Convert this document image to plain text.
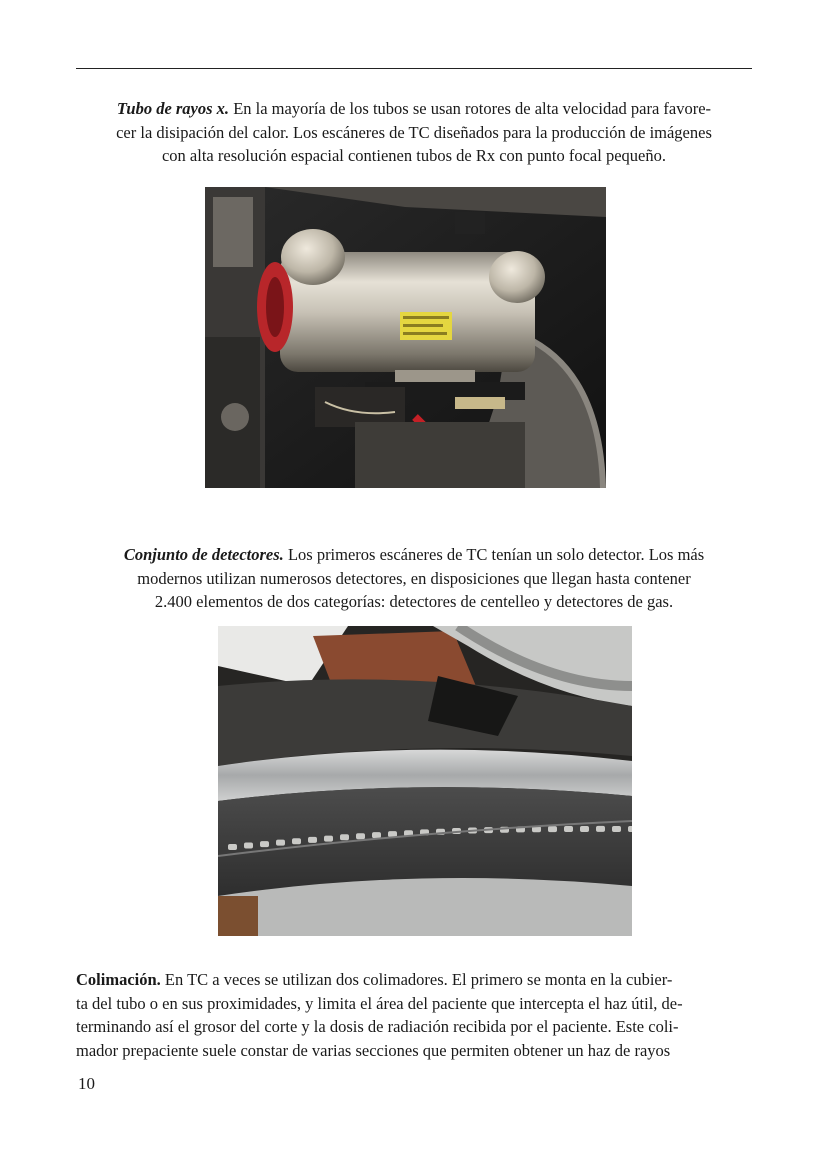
Tubo de rayos x. En la mayoría de los tubos se usan rotores de alta velocidad para favore-
cer la disipación del calor. Los escáneres de TC diseñados para la producción de imágenes
con alta resolución espacial contienen tubos de Rx con punto focal pequeño.

Conjunto de detectores. Los primeros escáneres de TC tenían un solo detector. Los más
modernos utilizan numerosos detectores, en disposiciones que llegan hasta contener
2.400 elementos de dos categorías: detectores de centelleo y detectores de gas.

Colimación. En TC a veces se utilizan dos colimadores. El primero se monta en la cubier-
ta del tubo o en sus proximidades, y limita el área del paciente que intercepta el haz útil, de-
terminando así el grosor del corte y la dosis de radiación recibida por el paciente. Este coli-
mador prepaciente suele constar de varias secciones que permiten obtener un haz de rayos

10
